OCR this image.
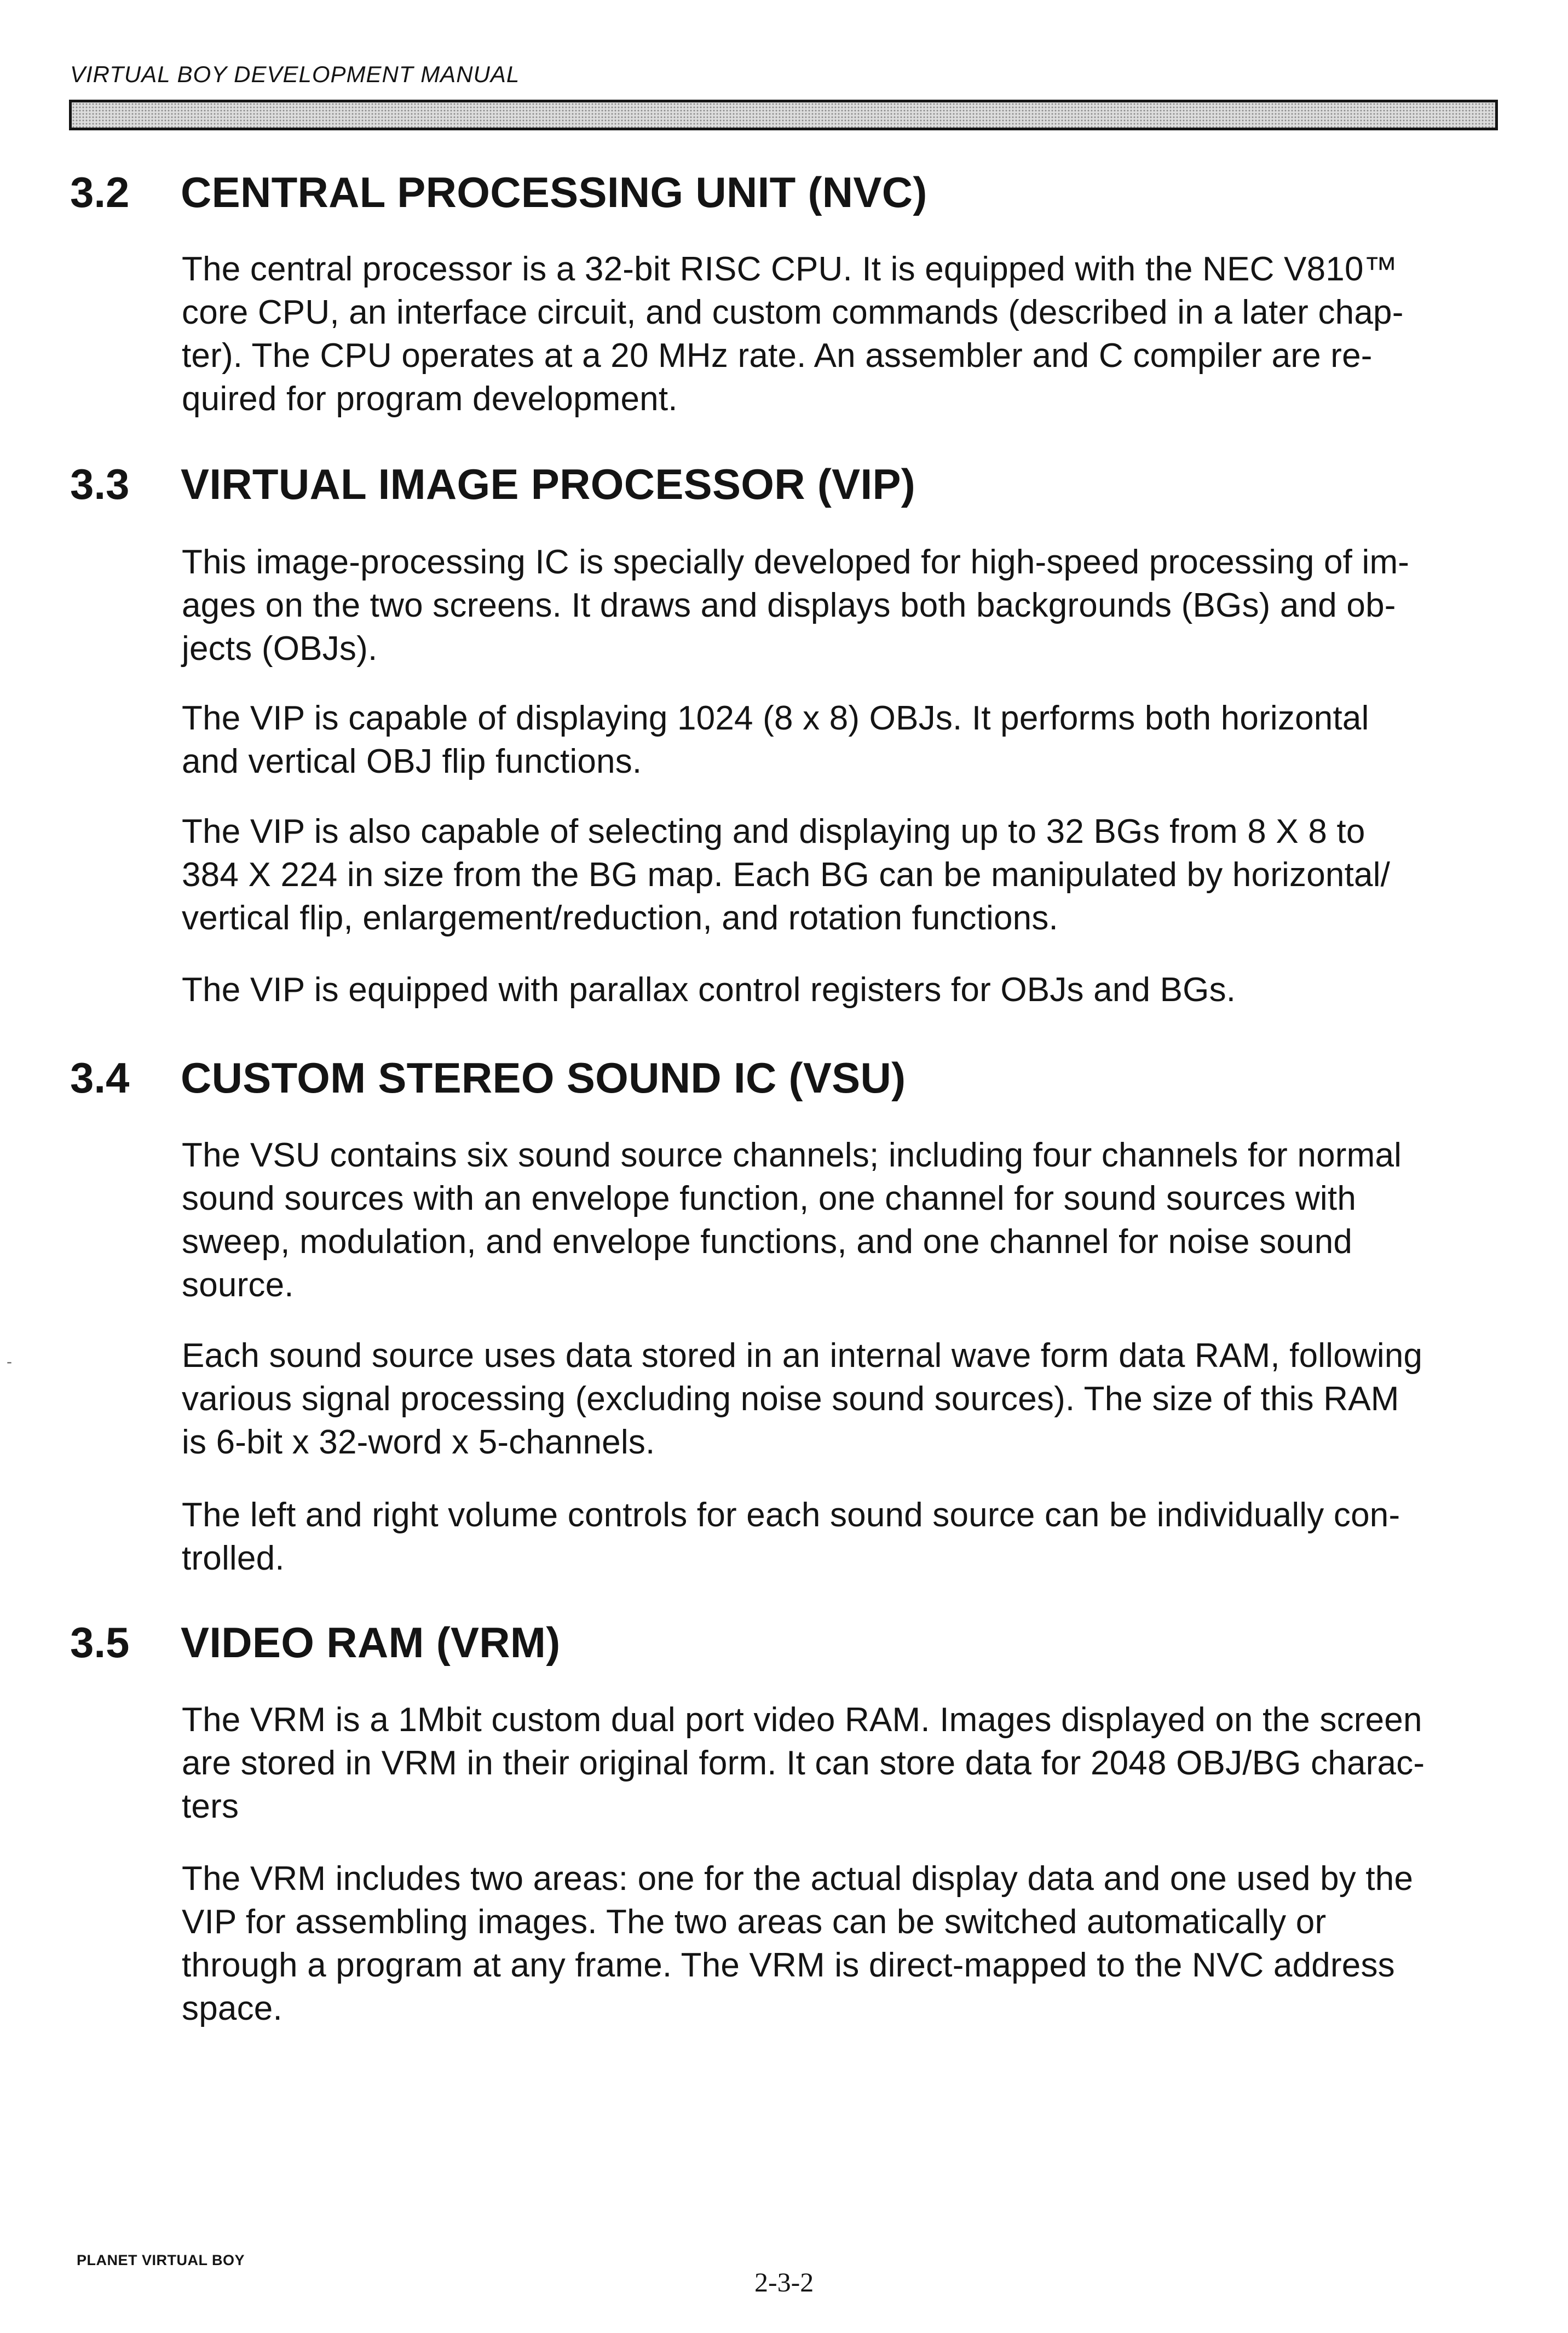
VIRTUAL BOY DEVELOPMENT MANUAL
-
3.2 CENTRAL PROCESSING UNIT (NVC)
The central processor is a 32-bit RISC CPU. It is equipped with the NEC V810™
core CPU, an interface circuit, and custom commands (described in a later chap-
ter). The CPU operates at a 20 MHz rate. An assembler and C compiler are re-
quired for program development.
3.3 VIRTUAL IMAGE PROCESSOR (VIP)
This image-processing IC is specially developed for high-speed processing of im-
ages on the two screens. It draws and displays both backgrounds (BGs) and ob-
jects (OBJs).
The VIP is capable of displaying 1024 (8 x 8) OBJs. It performs both horizontal
and vertical OBJ flip functions.
The VIP is also capable of selecting and displaying up to 32 BGs from 8 X 8 to
384 X 224 in size from the BG map. Each BG can be manipulated by horizontal/
vertical flip, enlargement/reduction, and rotation functions.
The VIP is equipped with parallax control registers for OBJs and BGs.
3.4 CUSTOM STEREO SOUND IC (VSU)
The VSU contains six sound source channels; including four channels for normal
sound sources with an envelope function, one channel for sound sources with
sweep, modulation, and envelope functions, and one channel for noise sound
source.
Each sound source uses data stored in an internal wave form data RAM, following
various signal processing (excluding noise sound sources). The size of this RAM
is 6-bit x 32-word x 5-channels.
The left and right volume controls for each sound source can be individually con-
trolled.
3.5 VIDEO RAM (VRM)
The VRM is a 1Mbit custom dual port video RAM. Images displayed on the screen
are stored in VRM in their original form. It can store data for 2048 OBJ/BG charac-
ters
The VRM includes two areas: one for the actual display data and one used by the
VIP for assembling images. The two areas can be switched automatically or
through a program at any frame. The VRM is direct-mapped to the NVC address
space.
PLANET VIRTUAL BOY
2-3-2
